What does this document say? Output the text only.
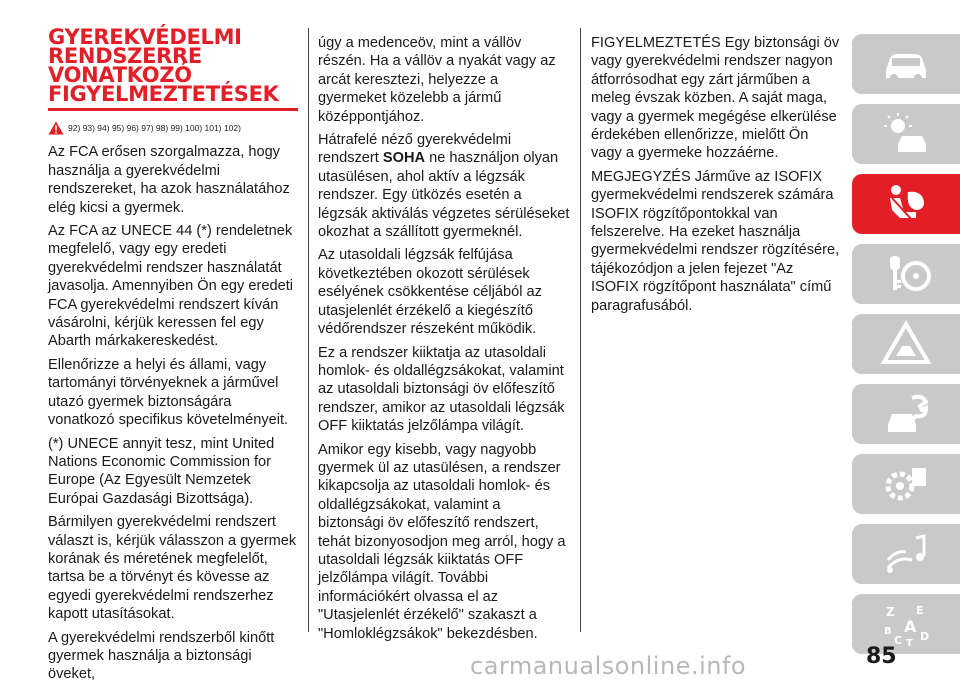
GYEREKVÉDELMI
RENDSZERRE
VONATKOZÓ
FIGYELMEZTETÉSEK
92) 93) 94) 95) 96) 97) 98) 99) 100) 101) 102)

Az FCA erősen szorgalmazza, hogy használja a gyerekvédelmi rendszereket, ha azok használatához elég kicsi a gyermek.

Az FCA az UNECE 44 (*) rendeletnek megfelelő, vagy egy eredeti gyerekvédelmi rendszer használatát javasolja. Amennyiben Ön egy eredeti FCA gyerekvédelmi rendszert kíván vásárolni, kérjük keressen fel egy Abarth márkakereskedést.

Ellenőrizze a helyi és állami, vagy tartományi törvényeknek a járművel utazó gyermek biztonságára vonatkozó specifikus követelményeit.

(*) UNECE annyit tesz, mint United Nations Economic Commission for Europe (Az Egyesült Nemzetek Európai Gazdasági Bizottsága).

Bármilyen gyerekvédelmi rendszert választ is, kérjük válasszon a gyermek korának és méretének megfelelőt, tartsa be a törvényt és kövesse az egyedi gyerekvédelmi rendszerhez kapott utasításokat.

A gyerekvédelmi rendszerből kinőtt gyermek használja a biztonsági öveket,

úgy a medenceöv, mint a vállöv részén. Ha a vállöv a nyakát vagy az arcát keresztezi, helyezze a gyermeket közelebb a jármű középpontjához.

Hátrafelé néző gyerekvédelmi rendszert SOHA ne használjon olyan utasülésen, ahol aktív a légzsák rendszer. Egy ütközés esetén a légzsák aktiválás végzetes sérüléseket okozhat a szállított gyermeknél.

Az utasoldali légzsák felfújása következtében okozott sérülések esélyének csökkentése céljából az utasjelenlét érzékelő a kiegészítő védőrendszer részeként működik.

Ez a rendszer kiiktatja az utasoldali homlok- és oldallégzsákokat, valamint az utasoldali biztonsági öv előfeszítő rendszer, amikor az utasoldali légzsák OFF kiiktatás jelzőlámpa világít.

Amikor egy kisebb, vagy nagyobb gyermek ül az utasülésen, a rendszer kikapcsolja az utasoldali homlok- és oldallégzsákokat, valamint a biztonsági öv előfeszítő rendszert, tehát bizonyosodjon meg arról, hogy a utasoldali légzsák kiiktatás OFF jelzőlámpa világít. További információkért olvassa el az "Utasjelenlét érzékelő" szakaszt a "Homloklégzsákok" bekezdésben.

FIGYELMEZTETÉS Egy biztonsági öv vagy gyerekvédelmi rendszer nagyon átforrósodhat egy zárt járműben a meleg évszak közben. A saját maga, vagy a gyermek megégése elkerülése érdekében ellenőrizze, mielőtt Ön vagy a gyermeke hozzáérne.

MEGJEGYZÉS Járműve az ISOFIX gyermekvédelmi rendszerek számára ISOFIX rögzítőpontokkal van felszerelve. Ha ezeket használja gyermekvédelmi rendszer rögzítésére, tájékozódjon a jelen fejezet "Az ISOFIX rögzítőpont használata" című paragrafusából.

Z E
B A
C T
D
85
carmanualsonline.info
